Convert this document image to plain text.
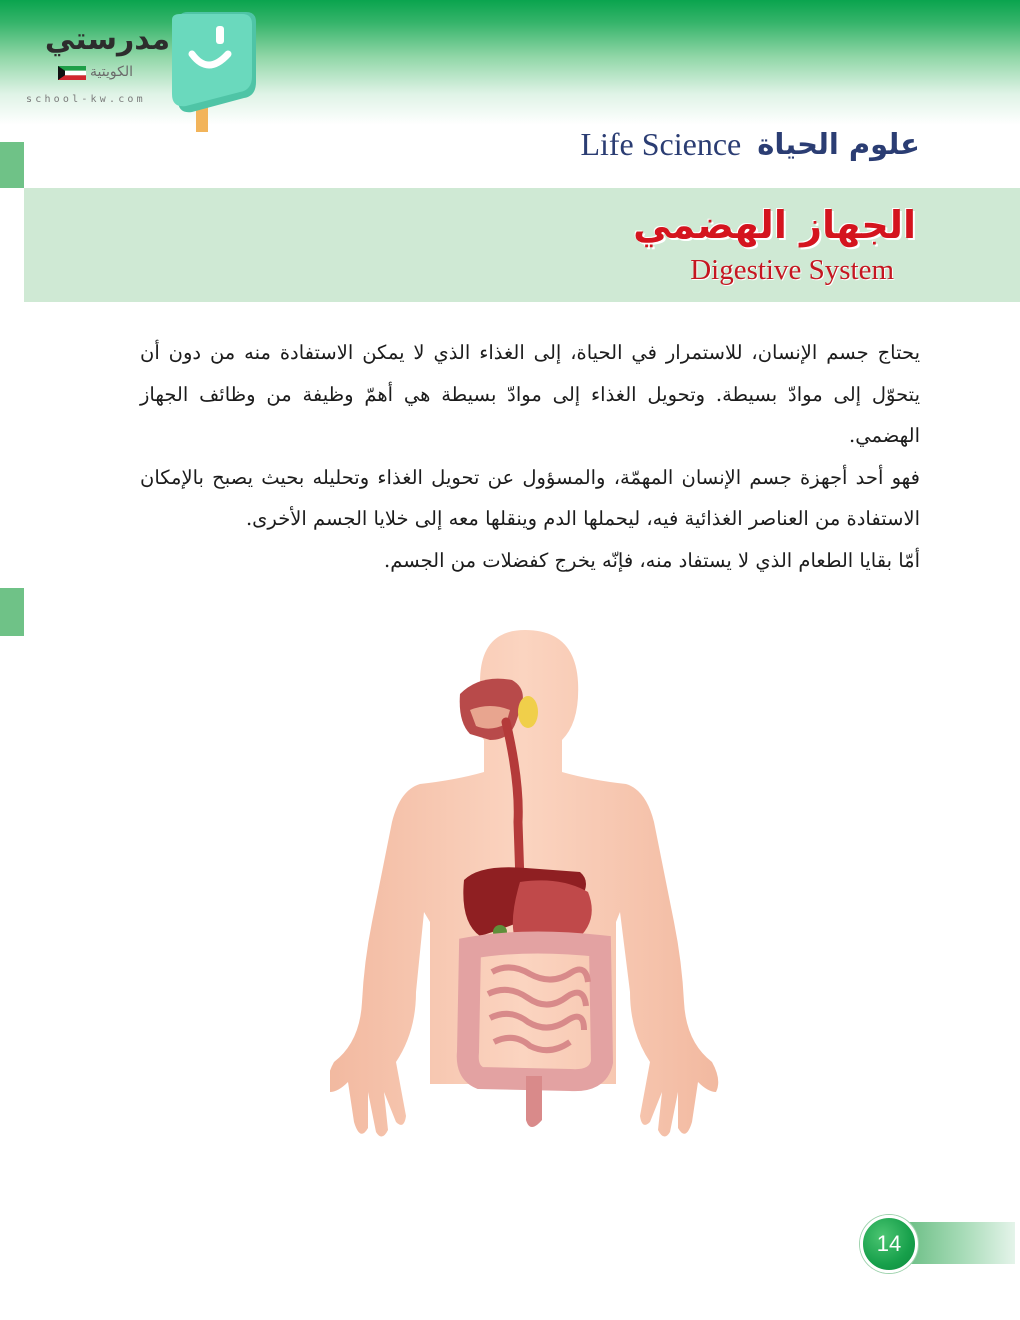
مدرستي
الكويتية
school-kw.com
Life Science علوم الحياة
الجهاز الهضمي
Digestive System

يحتاج جسم الإنسان، للاستمرار في الحياة، إلى الغذاء الذي لا يمكن الاستفادة منه من دون أن يتحوّل إلى موادّ بسيطة. وتحويل الغذاء إلى موادّ بسيطة هي أهمّ وظيفة من وظائف الجهاز الهضمي.

فهو أحد أجهزة جسم الإنسان المهمّة، والمسؤول عن تحويل الغذاء وتحليله بحيث يصبح بالإمكان الاستفادة من العناصر الغذائية فيه، ليحملها الدم وينقلها معه إلى خلايا الجسم الأخرى.

أمّا بقايا الطعام الذي لا يستفاد منه، فإنّه يخرج كفضلات من الجسم.

14
